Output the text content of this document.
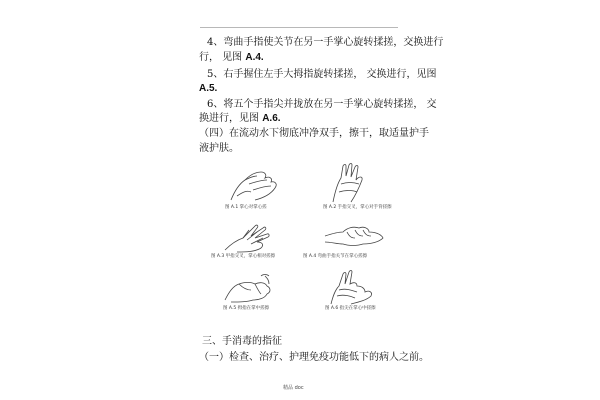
4、弯曲手指使关节在另一手掌心旋转揉搓，交换进行
行， 见图 A.4.
5、右手握住左手大拇指旋转揉搓， 交换进行，见图
A.5.
6、将五个手指尖并拢放在另一手掌心旋转揉搓， 交
换进行，见图 A.6.
（四）在流动水下彻底冲净双手，擦干，取适量护手
液护肤。
图 A.1 掌心对掌心搓	图 A.2 手指交叉，掌心对手背搓擦
图 A.3 甲指交叉，掌心相对搓擦	图 A.4 弯曲手指关节在掌心搓擦
图 A.5 拇指在掌中搓擦	图 A.6 指尖在掌心中搓擦
三、手消毒的指征
（一）检查、治疗、护理免疫功能低下的病人之前。
精品 doc
